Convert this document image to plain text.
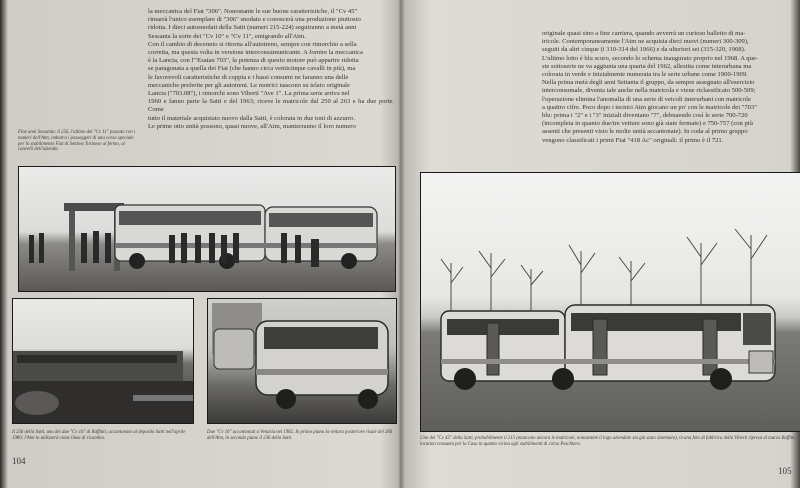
la meccanica del Fiat "306". Nonostante le sue buone caratteristiche, il "Cv 45"

rimarrà l'unico esemplare di "306" snodato e conoscerà una produzione piuttosto

ridotta. I dieci autosnodati della Satti (numeri 215-224) seguiranno a metà anni

Sessanta la sorte dei "Cv 10" e "Cv 11", emigrando all'Atm.

Con il cambio di decennio si ritorna all'autotreno, sempre con rimorchio a sella

corretta, ma questa volta in versione interconsumunicante. A fornire la meccanica

è la Lancia, con l'"Esatau 703", la potenza di questo motore può apparire ridotta

se paragonata a quella dei Fiat (che hanno circa venticinque cavalli in più), ma

le favorevoli caratteristiche di coppia e i bassi consumi ne faranno una delle

meccaniche preferite per gli autotreni. Le motrici nascono su telaio originale

Lancia ("703.08"), i rimorchi sono Viberti "Ave 1". La prima serie arriva nel

1960 e fanno parte la Satti e del 1963; riceve le matricole dal 250 al 263 e ha due porte. Come

tutto il materiale acquistato nuovo dalla Satti, è colorata in due toni di azzurro.

Le prime otto unità possono, quasi nuove, all'Atm, manterranno il loro numero

Fine anni Sessanta: il 256, l'ultimo dei "Cv 11" passato con i numeri dell'Atm, imbarca i passeggeri di una corsa speciale per lo stabilimento Fiat di Settimo Torinese al fermo, ai cancelli dell'azienda.
Il 256 della Satti, uno dei due "Cv 16" di Raffinti, accantonato al deposito Satti nell'aprile 1980; l'Atm lo utilizzerà come linea di ricambio.
Due "Cv 16" accantonati a Venaria nel 1982. In primo piano la vettura posteriore risale del 266 dell'Atm, in secondo piano il 236 della Satti.
104

originale quasi sino a fine carriera, quando avverrà un curioso balletto di ma-

tricole. Contemporaneamente l'Atm ne acquista dieci nuovi (numeri 300-309),

seguiti da altri cinque (i 310-314 del 1966) e da ulteriori sei (315-320, 1968).

L'ultimo lotto è blu scuro, secondo lo schema inaugurato proprio nel 1968. A que-

ste sottoserie ne va aggiunta una quarta del 1962, allestita come interurbana ma

colorata in verde e inizialmente numerata tra le serie urbane come 1900-1909.

Nella prima metà degli anni Settanta il gruppo, da sempre assegnato all'esercizio

interconsumale, diventa tale anche nella matricola e viene riclassificato 500-509;

l'operazione elimina l'anomalia di una serie di veicoli interurbani con matricole

a quattro cifre. Poco dopo i tecnici Atm giocano un po' con le matricole dei "703"

blu: prima i "2" e i "3" iniziali diventano "7", debnaendo così le serie 700-720

(incompleta in quanto due/tre vetture sono già state fermate) e 750-757 (con più

assenti che presenti visto le molte unità accantonate). In coda al primo gruppo

vengono classificati i primi Fiat "418 Ac" originali: il primo è il 721.

Uno dei "Cv 45" della Satti, probabilmente il 215 (mancano ancora le matricole, nonostante il logo aziendale sia già stato sistemato), in una foto di fabbrica della Viberti ripresa al marzo Baffini, location consueta per la Casa in quanto vicina agli stabilimenti di corso Peschiera.
105
